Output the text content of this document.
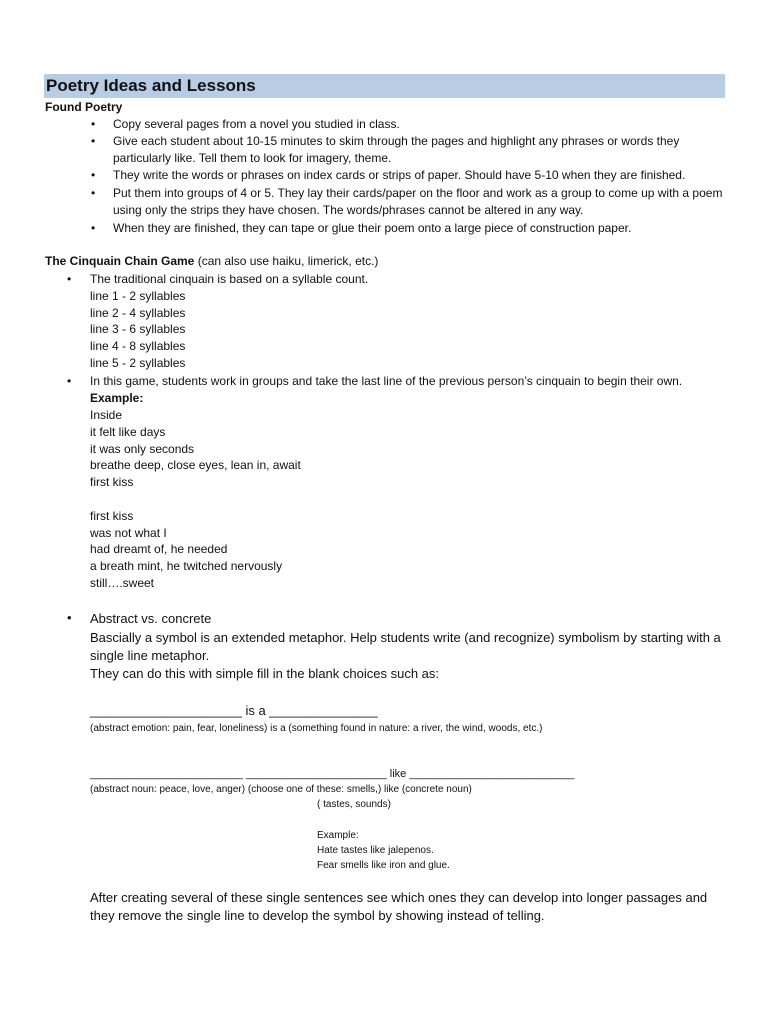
Poetry Ideas and Lessons
Found Poetry
• Copy several pages from a novel you studied in class.
• Give each student about 10-15 minutes to skim through the pages and highlight any phrases or words they particularly like. Tell them to look for imagery, theme.
• They write the words or phrases on index cards or strips of paper. Should have 5-10 when they are finished.
• Put them into groups of 4 or 5. They lay their cards/paper on the floor and work as a group to come up with a poem using only the strips they have chosen. The words/phrases cannot be altered in any way.
• When they are finished, they can tape or glue their poem onto a large piece of construction paper.
The Cinquain Chain Game (can also use haiku, limerick, etc.)
• The traditional cinquain is based on a syllable count.
line 1 - 2 syllables
line 2 - 4 syllables
line 3 - 6 syllables
line 4 - 8 syllables
line 5 - 2 syllables
• In this game, students work in groups and take the last line of the previous person’s cinquain to begin their own.
Example:
Inside
it felt like days
it was only seconds
breathe deep, close eyes, lean in, await
first kiss
first kiss
was not what I
had dreamt of, he needed
a breath mint, he twitched nervously
still….sweet
• Abstract vs. concrete
Bascially a symbol is an extended metaphor. Help students write (and recognize) symbolism by starting with a single line metaphor.
They can do this with simple fill in the blank choices such as:
_____________________ is a _______________
(abstract emotion: pain, fear, loneliness) is a (something found in nature: a river, the wind, woods, etc.)
_________________________ _______________________ like ___________________________
(abstract noun: peace, love, anger) (choose one of these: smells,) like (concrete noun)
( tastes, sounds)
Example:
Hate tastes like jalepenos.
Fear smells like iron and glue.
After creating several of these single sentences see which ones they can develop into longer passages and they remove the single line to develop the symbol by showing instead of telling.
